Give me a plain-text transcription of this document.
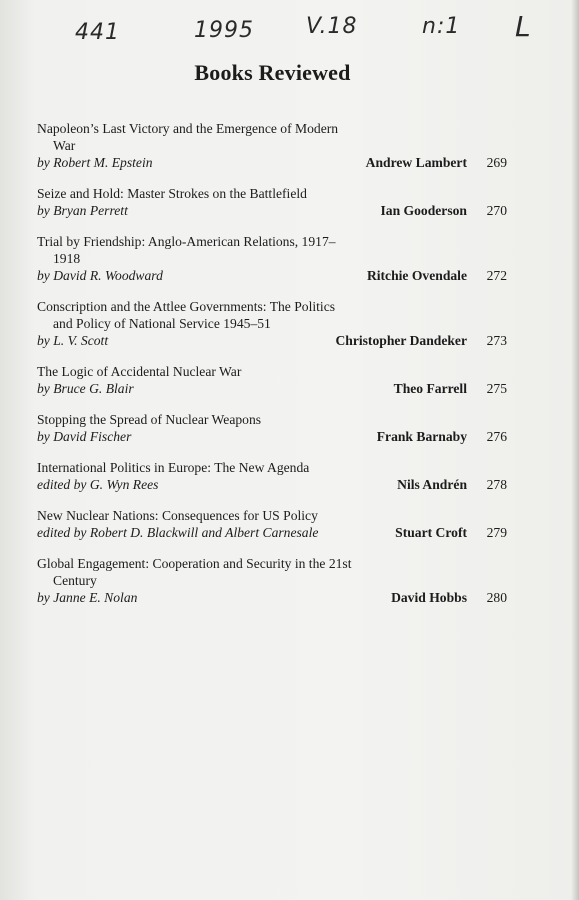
441	1995 V.18	n:1 L
Books Reviewed
Napoleon’s Last Victory and the Emergence of Modern War
by Robert M. Epstein	Andrew Lambert	269
Seize and Hold: Master Strokes on the Battlefield
by Bryan Perrett	Ian Gooderson	270
Trial by Friendship: Anglo-American Relations, 1917–1918
by David R. Woodward	Ritchie Ovendale	272
Conscription and the Attlee Governments: The Politics and Policy of National Service 1945–51
by L. V. Scott	Christopher Dandeker	273
The Logic of Accidental Nuclear War
by Bruce G. Blair	Theo Farrell	275
Stopping the Spread of Nuclear Weapons
by David Fischer	Frank Barnaby	276
International Politics in Europe: The New Agenda
edited by G. Wyn Rees	Nils Andrén	278
New Nuclear Nations: Consequences for US Policy
edited by Robert D. Blackwill and Albert Carnesale	Stuart Croft	279
Global Engagement: Cooperation and Security in the 21st Century
by Janne E. Nolan	David Hobbs	280
